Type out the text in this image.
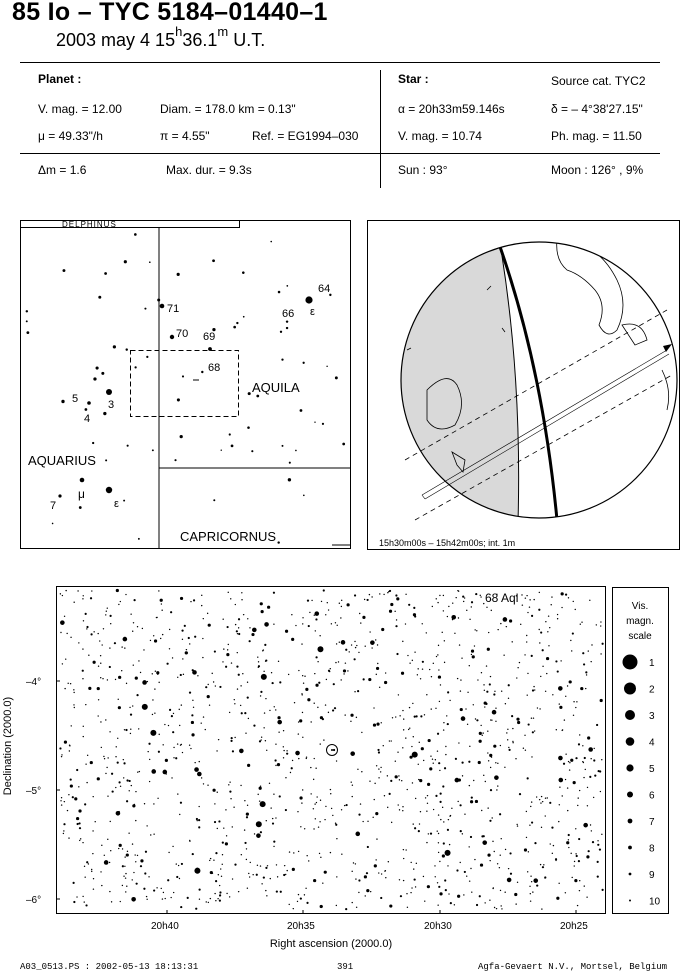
85 Io – TYC 5184–01440–1
2003 may 4 15$^h$36.1$^m$ U.T.
Planet :	Star :	Source cat. TYC2
V. mag. = 12.00	Diam. = 178.0 km = 0.13"	α = 20h33m59.146s	δ = – 4°38'27.15"
μ = 49.33"/h	π = 4.55"	Ref. = EG1994–030	V. mag. = 10.74	Ph. mag. = 11.50
Δm = 1.6	Max. dur. = 9.3s	Sun : 93°	Moon : 126° , 9%
DELPHINUS
AQUILA
AQUARIUS
CAPRICORNUS
71
70 69
68
64
66 ε
5	3
4
μ
7	ε
15h30m00s – 15h42m00s; int. 1m
Declination (2000.0)
68 Aql
–4°
–5°
–6°
20h40	20h35	20h30	20h25
Right ascension (2000.0)
Vis.
magn.
scale
1
2
3
4
5
6
7
8
9
10
A03_0513.PS : 2002-05-13 18:13:31	391	Agfa-Gevaert N.V., Mortsel, Belgium
